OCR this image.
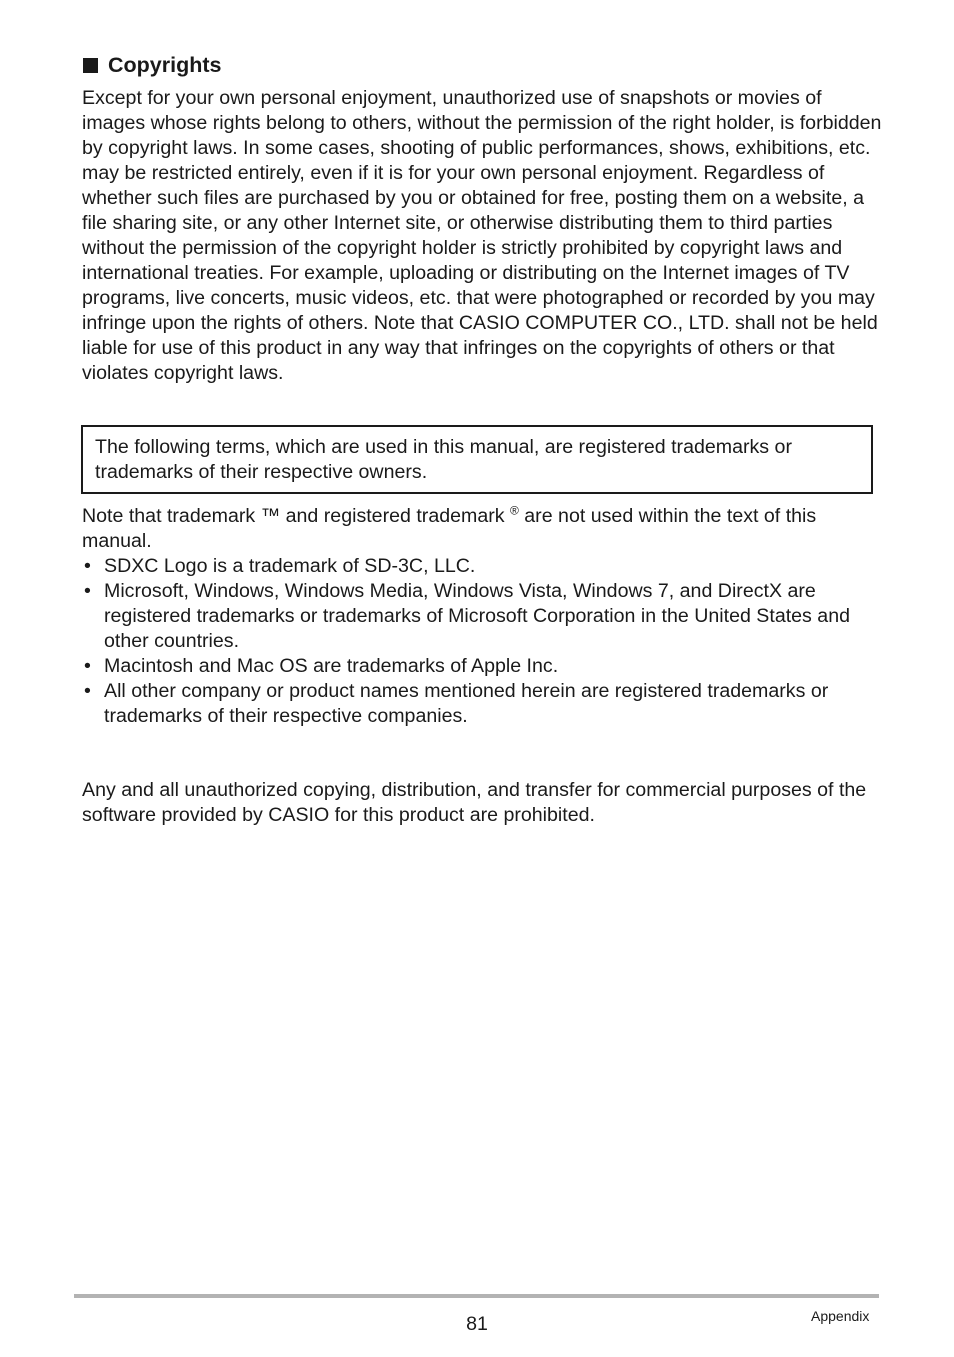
Copyrights

Except for your own personal enjoyment, unauthorized use of snapshots or movies of images whose rights belong to others, without the permission of the right holder, is forbidden by copyright laws. In some cases, shooting of public performances, shows, exhibitions, etc. may be restricted entirely, even if it is for your own personal enjoyment. Regardless of whether such files are purchased by you or obtained for free, posting them on a website, a file sharing site, or any other Internet site, or otherwise distributing them to third parties without the permission of the copyright holder is strictly prohibited by copyright laws and international treaties. For example, uploading or distributing on the Internet images of TV programs, live concerts, music videos, etc. that were photographed or recorded by you may infringe upon the rights of others. Note that CASIO COMPUTER CO., LTD. shall not be held liable for use of this product in any way that infringes on the copyrights of others or that violates copyright laws.

The following terms, which are used in this manual, are registered trademarks or trademarks of their respective owners.

Note that trademark ™ and registered trademark ® are not used within the text of this manual.

• SDXC Logo is a trademark of SD-3C, LLC.
• Microsoft, Windows, Windows Media, Windows Vista, Windows 7, and DirectX are registered trademarks or trademarks of Microsoft Corporation in the United States and other countries.
• Macintosh and Mac OS are trademarks of Apple Inc.
• All other company or product names mentioned herein are registered trademarks or trademarks of their respective companies.

Any and all unauthorized copying, distribution, and transfer for commercial purposes of the software provided by CASIO for this product are prohibited.

81	Appendix
